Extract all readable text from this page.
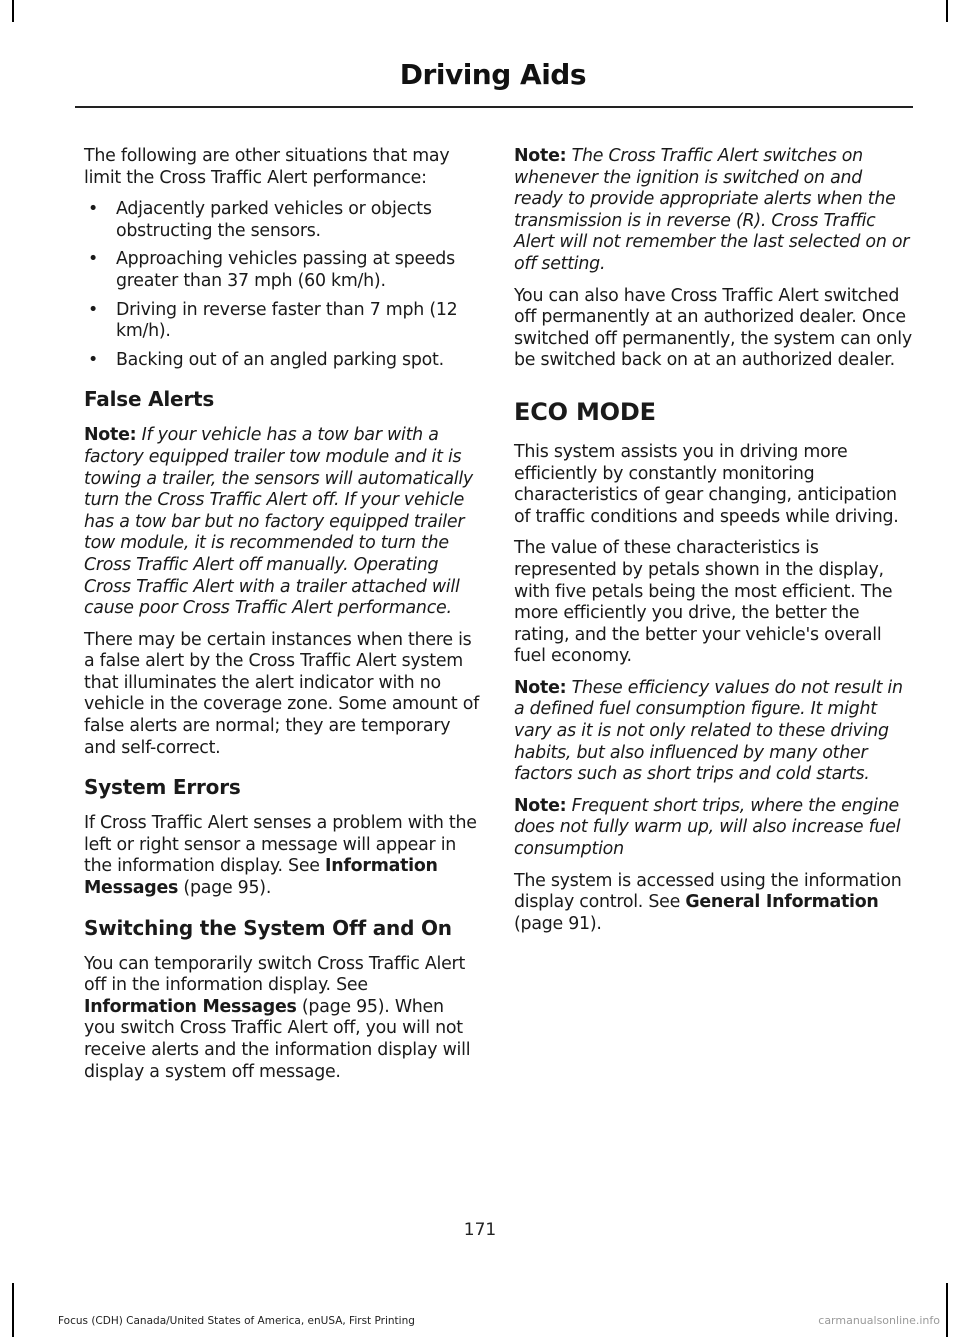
Driving Aids

The following are other situations that may limit the Cross Traffic Alert performance:

• Adjacently parked vehicles or objects obstructing the sensors.
• Approaching vehicles passing at speeds greater than 37 mph (60 km/h).
• Driving in reverse faster than 7 mph (12 km/h).
• Backing out of an angled parking spot.
False Alerts

Note: If your vehicle has a tow bar with a factory equipped trailer tow module and it is towing a trailer, the sensors will automatically turn the Cross Traffic Alert off. If your vehicle has a tow bar but no factory equipped trailer tow module, it is recommended to turn the Cross Traffic Alert off manually. Operating Cross Traffic Alert with a trailer attached will cause poor Cross Traffic Alert performance.

There may be certain instances when there is a false alert by the Cross Traffic Alert system that illuminates the alert indicator with no vehicle in the coverage zone. Some amount of false alerts are normal; they are temporary and self-correct.

System Errors

If Cross Traffic Alert senses a problem with the left or right sensor a message will appear in the information display. See Information Messages (page 95).

Switching the System Off and On

You can temporarily switch Cross Traffic Alert off in the information display. See Information Messages (page 95). When you switch Cross Traffic Alert off, you will not receive alerts and the information display will display a system off message.

Note: The Cross Traffic Alert switches on whenever the ignition is switched on and ready to provide appropriate alerts when the transmission is in reverse (R). Cross Traffic Alert will not remember the last selected on or off setting.

You can also have Cross Traffic Alert switched off permanently at an authorized dealer. Once switched off permanently, the system can only be switched back on at an authorized dealer.

ECO MODE

This system assists you in driving more efficiently by constantly monitoring characteristics of gear changing, anticipation of traffic conditions and speeds while driving.

The value of these characteristics is represented by petals shown in the display, with five petals being the most efficient. The more efficiently you drive, the better the rating, and the better your vehicle's overall fuel economy.

Note: These efficiency values do not result in a defined fuel consumption figure. It might vary as it is not only related to these driving habits, but also influenced by many other factors such as short trips and cold starts.

Note: Frequent short trips, where the engine does not fully warm up, will also increase fuel consumption

The system is accessed using the information display control. See General Information (page 91).

171
Focus (CDH) Canada/United States of America, enUSA, First Printing	carmanualsonline.info
